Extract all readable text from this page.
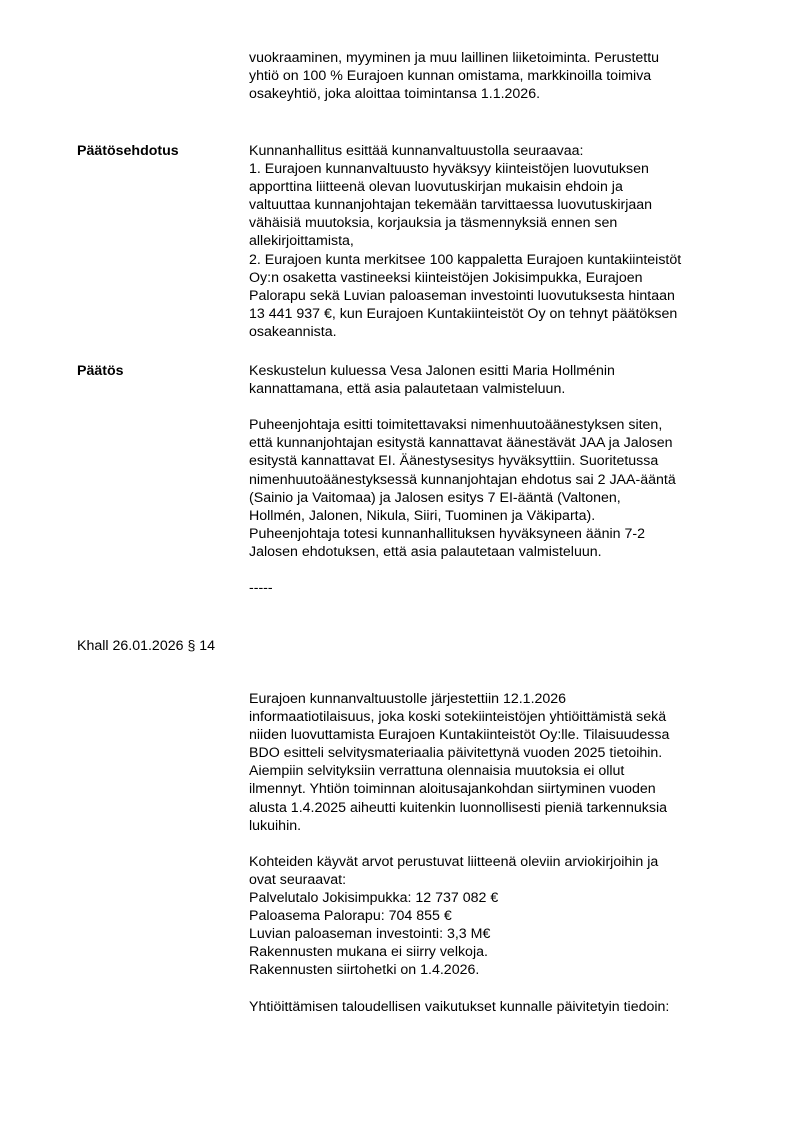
vuokraaminen, myyminen ja muu laillinen liiketoiminta. Perustettu
yhtiö on 100 % Eurajoen kunnan omistama, markkinoilla toimiva
osakeyhtiö, joka aloittaa toimintansa 1.1.2026.
Päätösehdotus	Kunnanhallitus esittää kunnanvaltuustolla seuraavaa:
1. Eurajoen kunnanvaltuusto hyväksyy kiinteistöjen luovutuksen
apporttina liitteenä olevan luovutuskirjan mukaisin ehdoin ja
valtuuttaa kunnanjohtajan tekemään tarvittaessa luovutuskirjaan
vähäisiä muutoksia, korjauksia ja täsmennyksiä ennen sen
allekirjoittamista,
2. Eurajoen kunta merkitsee 100 kappaletta Eurajoen kuntakiinteistöt
Oy:n osaketta vastineeksi kiinteistöjen Jokisimpukka, Eurajoen
Palorapu sekä Luvian paloaseman investointi luovutuksesta hintaan
13 441 937 €, kun Eurajoen Kuntakiinteistöt Oy on tehnyt päätöksen
osakeannista.
Päätös	Keskustelun kuluessa Vesa Jalonen esitti Maria Hollménin
kannattamana, että asia palautetaan valmisteluun.
Puheenjohtaja esitti toimitettavaksi nimenhuutoäänestyksen siten,
että kunnanjohtajan esitystä kannattavat äänestävät JAA ja Jalosen
esitystä kannattavat EI. Äänestysesitys hyväksyttiin. Suoritetussa
nimenhuutoäänestyksessä kunnanjohtajan ehdotus sai 2 JAA-ääntä
(Sainio ja Vaitomaa) ja Jalosen esitys 7 EI-ääntä (Valtonen,
Hollmén, Jalonen, Nikula, Siiri, Tuominen ja Väkiparta).
Puheenjohtaja totesi kunnanhallituksen hyväksyneen äänin 7-2
Jalosen ehdotuksen, että asia palautetaan valmisteluun.
-----
Khall 26.01.2026 § 14
Eurajoen kunnanvaltuustolle järjestettiin 12.1.2026
informaatiotilaisuus, joka koski sotekiinteistöjen yhtiöittämistä sekä
niiden luovuttamista Eurajoen Kuntakiinteistöt Oy:lle. Tilaisuudessa
BDO esitteli selvitysmateriaalia päivitettynä vuoden 2025 tietoihin.
Aiempiin selvityksiin verrattuna olennaisia muutoksia ei ollut
ilmennyt. Yhtiön toiminnan aloitusajankohdan siirtyminen vuoden
alusta 1.4.2025 aiheutti kuitenkin luonnollisesti pieniä tarkennuksia
lukuihin.
Kohteiden käyvät arvot perustuvat liitteenä oleviin arviokirjoihin ja
ovat seuraavat:
Palvelutalo Jokisimpukka: 12 737 082 €
Paloasema Palorapu: 704 855 €
Luvian paloaseman investointi: 3,3 M€
Rakennusten mukana ei siirry velkoja.
Rakennusten siirtohetki on 1.4.2026.
Yhtiöittämisen taloudellisen vaikutukset kunnalle päivitetyin tiedoin:
